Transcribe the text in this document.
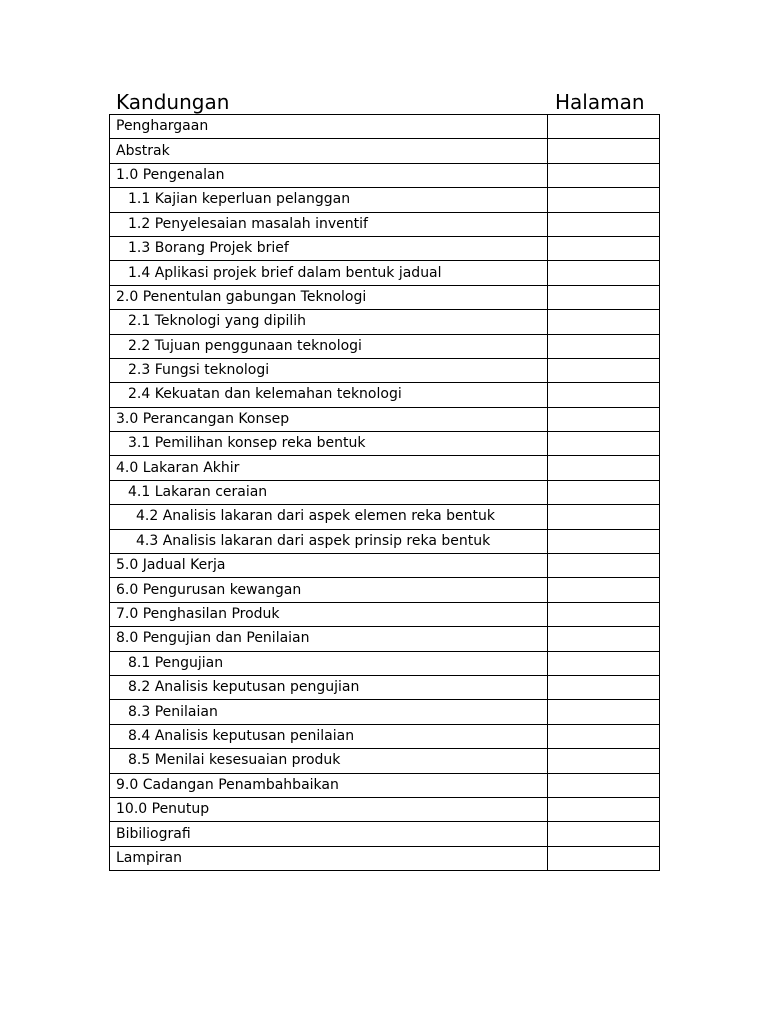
Kandungan	Halaman
Penghargaan	
Abstrak	
1.0 Pengenalan	
1.1 Kajian keperluan pelanggan	
1.2 Penyelesaian masalah inventif	
1.3 Borang Projek brief	
1.4 Aplikasi projek brief dalam bentuk jadual	
2.0 Penentulan gabungan Teknologi	
2.1 Teknologi yang dipilih	
2.2 Tujuan penggunaan teknologi	
2.3 Fungsi teknologi	
2.4 Kekuatan dan kelemahan teknologi	
3.0 Perancangan Konsep	
3.1 Pemilihan konsep reka bentuk	
4.0 Lakaran Akhir	
4.1 Lakaran ceraian	
4.2 Analisis lakaran dari aspek elemen reka bentuk	
4.3 Analisis lakaran dari aspek prinsip reka bentuk	
5.0 Jadual Kerja	
6.0 Pengurusan kewangan	
7.0 Penghasilan Produk	
8.0 Pengujian dan Penilaian	
8.1 Pengujian	
8.2 Analisis keputusan pengujian	
8.3 Penilaian	
8.4 Analisis keputusan penilaian	
8.5 Menilai kesesuaian produk	
9.0 Cadangan Penambahbaikan	
10.0 Penutup	
Bibiliografi	
Lampiran	
